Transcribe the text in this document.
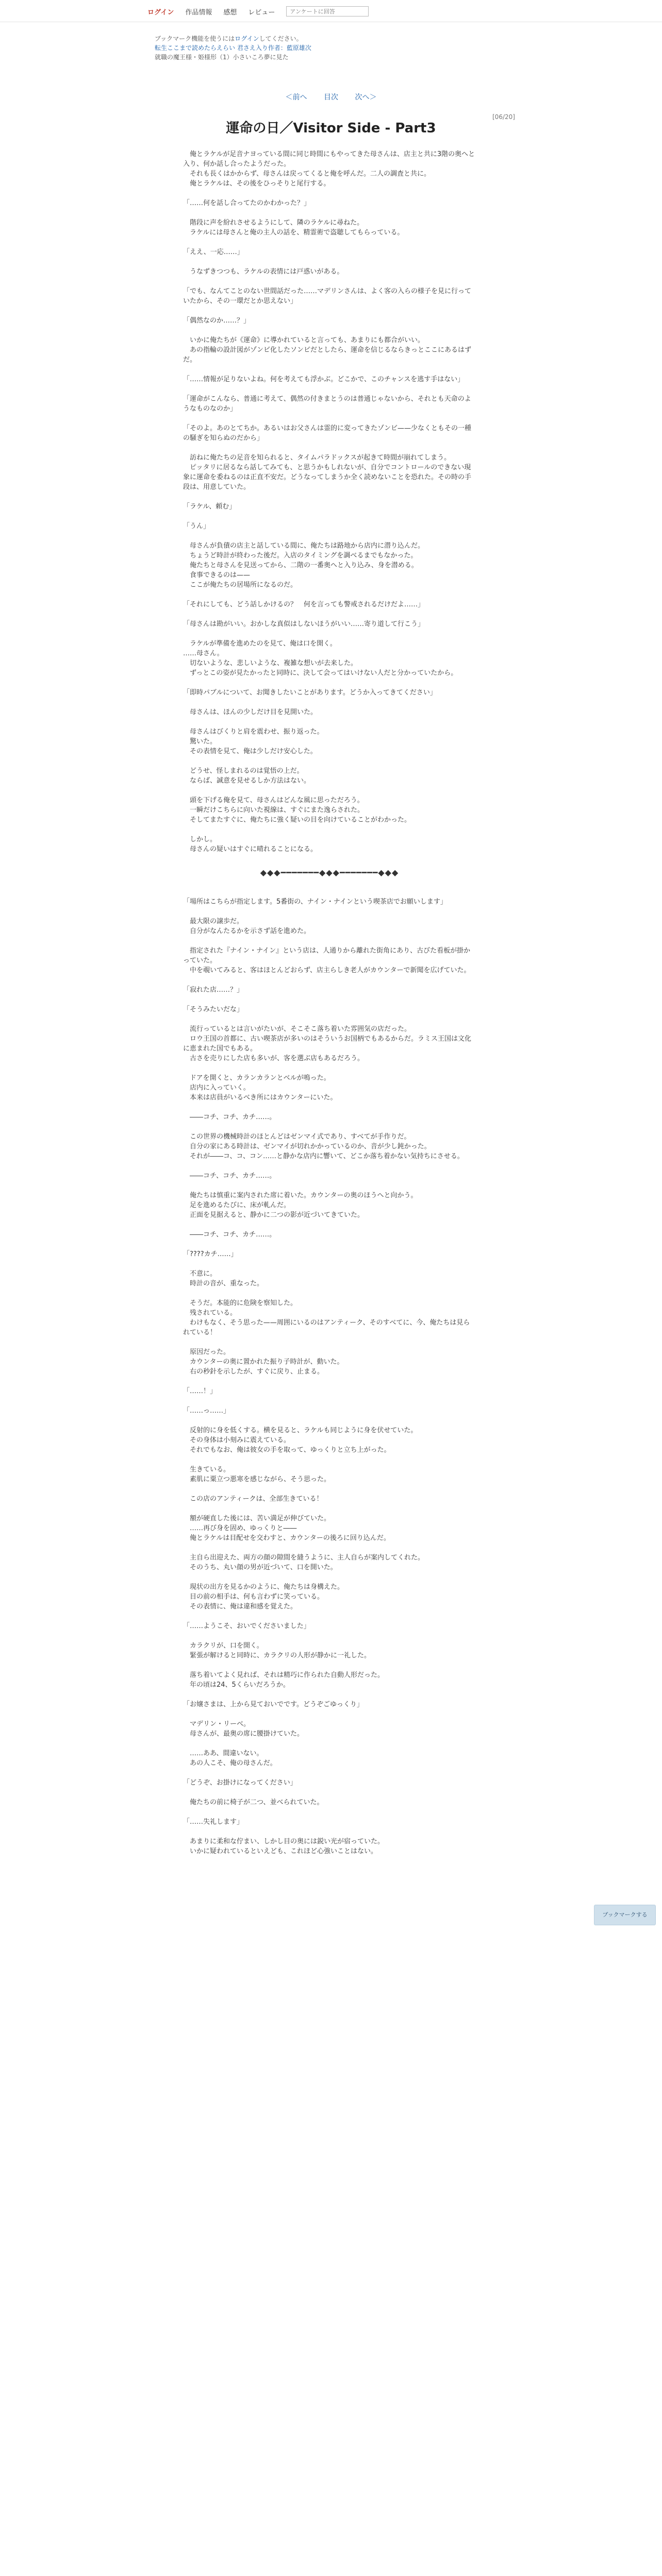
ログイン 作品情報 感想 レビュー
アンケートに回答
ブックマーク機能を使うにはログインしてください。
転生ここまで読めたらえらい 君さえ入り作者：藍原雄次
就職の魔王様・姫様形（1）小さいころ夢に見た
＜前へ 目次 次へ＞
[06/20]
運命の日／Visitor Side - Part3

　俺とラケルが足音ナヨっている間に同じ時間にもやってきた母さんは、店主と共に3階の奥へと入り、何か話し合ったようだった。
　それも長くはかからず、母さんは戻ってくると俺を呼んだ。二人の調査と共に。
　俺とラケルは、その後をひっそりと尾行する。

「……何を話し合ってたのかわかった？」

　階段に声を紛れさせるようにして、隣のラケルに尋ねた。
　ラケルには母さんと俺の主人の話を、精霊術で盗聴してもらっている。

「ええ、一応……」

　うなずきつつも、ラケルの表情には戸惑いがある。

「でも、なんてことのない世間話だった……マデリンさんは、よく客の入らの様子を見に行っていたから、その一環だとか思えない」

「偶然なのか……？」

　いかに俺たちが《運命》に導かれていると言っても、あまりにも都合がいい。
　あの指輪の設計図がゾンビ化したソンビだとしたら、運命を信じるならきっとここにあるはずだ。

「……情報が足りないよね。何を考えても浮かぶ。どこかで、このチャンスを逃す手はない」

「運命がこんなら、普通に考えて、偶然の付きまとうのは普通じゃないから、それとも天命のようなものなのか」

「そのよ。あのとてちか。あるいはお父さんは霊的に変ってきたゾンビ——少なくともその一種の騒ぎを知らぬのだから」

　訪ねに俺たちの足音を知られると、タイムパラドックスが起きて時間が崩れてしまう。
　ピッタリに居るなら話してみても、と思うかもしれないが、自分でコントロールのできない現象に運命を委ねるのは正直不安だ。どうなってしまうか全く読めないことを恐れた。その時の手段は、用意していた。

「ラケル、頼む」

「うん」

　母さんが負債の店主と話している間に、俺たちは路地から店内に潜り込んだ。
　ちょうど時計が終わった後だ。入店のタイミングを調べるまでもなかった。
　俺たちと母さんを見送ってから、二階の一番奥へと入り込み、身を潜める。
　食事できるのは——
　ここが俺たちの居場所になるのだ。

「それにしても、どう話しかけるの？　何を言っても警戒されるだけだよ……」

「母さんは勘がいい。おかしな真似はしないほうがいい……寄り道して行こう」

　ラケルが準備を進めたのを見て、俺は口を開く。
……母さん。
　切ないような、悲しいような、複雑な想いが去来した。
　ずっとこの姿が見たかったと同時に、決して会ってはいけない人だと分かっていたから。

「即時パブルについて、お聞きしたいことがあります。どうか入ってきてください」

　母さんは、ほんの少しだけ目を見開いた。

　母さんはびくりと肩を震わせ、振り返った。
　驚いた。
　その表情を見て、俺は少しだけ安心した。

　どうせ、怪しまれるのは覚悟の上だ。
　ならば、誠意を見せるしか方法はない。

　頭を下げる俺を見て、母さんはどんな風に思っただろう。
　一瞬だけこちらに向いた視線は、すぐにまた逸らされた。
　そしてまたすぐに、俺たちに強く疑いの目を向けていることがわかった。

　しかし。
　母さんの疑いはすぐに晴れることになる。

◆◆◆━━━━━━━◆◆◆━━━━━━━◆◆◆

「場所はこちらが指定します。5番街の、ナイン・ナインという喫茶店でお願いします」

　最大限の譲歩だ。
　自分がなんたるかを示さず話を進めた。

　指定された『ナイン・ナイン』という店は、人通りから離れた街角にあり、古びた看板が掛かっていた。
　中を覗いてみると、客はほとんどおらず、店主らしき老人がカウンターで新聞を広げていた。

「寂れた店……？」

「そうみたいだな」

　流行っているとは言いがたいが、そこそこ落ち着いた雰囲気の店だった。
　ロウ王国の首都に、古い喫茶店が多いのはそういうお国柄でもあるからだ。ラミス王国は文化に恵まれた国でもある。
　古さを売りにした店も多いが、客を選ぶ店もあるだろう。

　ドアを開くと、カランカランとベルが鳴った。
　店内に入っていく。
　本来は店員がいるべき所にはカウンターにいた。

　――コチ、コチ、カチ……。

　この世界の機械時計のほとんどはゼンマイ式であり、すべてが手作りだ。
　自分の家にある時計は、ゼンマイが切れかかっているのか、音が少し鈍かった。
　それが――コ、コ、コン……と静かな店内に響いて、どこか落ち着かない気持ちにさせる。

　――コチ、コチ、カチ……。

　俺たちは慎重に案内された席に着いた。カウンターの奥のほうへと向かう。
　足を進めるたびに、床が軋んだ。
　正面を見据えると、静かに二つの影が近づいてきていた。

　――コチ、コチ、カチ……。

「????カチ……」

　不意に。
　時計の音が、重なった。

　そうだ。本能的に危険を察知した。
　残されている。
　わけもなく、そう思った——周囲にいるのはアンティーク、そのすべてに、今、俺たちは見られている！

　原因だった。
　カウンターの奥に置かれた振り子時計が、動いた。
　右の秒針を示したが、すぐに戻り、止まる。

「……！」

「……っ……」

　反射的に身を低くする。横を見ると、ラケルも同じように身を伏せていた。
　その身体は小刻みに震えている。
　それでもなお、俺は彼女の手を取って、ゆっくりと立ち上がった。

　生きている。
　素肌に粟立つ悪寒を感じながら、そう思った。

　この店のアンティークは、全部生きている！

　額が硬直した後には、苦い満足が伸びていた。
　……再び身を固め、ゆっくりと――
　俺とラケルは目配せを交わすと、カウンターの後ろに回り込んだ。

　主自ら出迎えた、両方の顔の隙間を縫うように、主人自らが案内してくれた。
　そのうち、丸い顔の男が近づいて、口を開いた。

　現状の出方を見るかのように、俺たちは身構えた。
　目の前の相手は、何も言わずに笑っている。
　その表情に、俺は違和感を覚えた。

「……ようこそ、おいでくださいました」

　カラクリが、口を開く。
　緊張が解けると同時に、カラクリの人形が静かに一礼した。

　落ち着いてよく見れば、それは精巧に作られた自動人形だった。
　年の頃は24、5くらいだろうか。

「お嬢さまは、上から見ておいでです。どうぞごゆっくり」

　マデリン・リーベ。
　母さんが、最奥の席に腰掛けていた。

　……ああ、間違いない。
　あの人こそ、俺の母さんだ。

「どうぞ、お掛けになってください」

　俺たちの前に椅子が二つ、並べられていた。

「……失礼します」

　あまりに柔和な佇まい、しかし目の奥には鋭い光が宿っていた。
　いかに疑われているといえども、これほど心強いことはない。

ブックマークする
